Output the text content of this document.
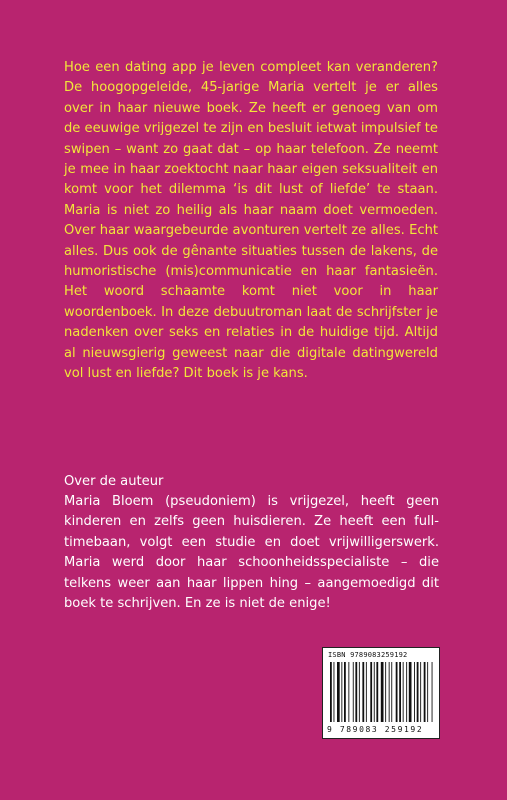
Hoe een dating app je leven compleet kan veranderen? De hoogopgeleide, 45-jarige Maria vertelt je er alles over in haar nieuwe boek. Ze heeft er genoeg van om de eeuwige vrijgezel te zijn en besluit ietwat impulsief te swipen – want zo gaat dat – op haar telefoon. Ze neemt je mee in haar zoektocht naar haar eigen seksualiteit en komt voor het dilemma ‘is dit lust of liefde’ te staan. Maria is niet zo heilig als haar naam doet vermoeden. Over haar waargebeurde avonturen vertelt ze alles. Echt alles. Dus ook de gênante situaties tussen de lakens, de humoristische (mis)communicatie en haar fantasieën. Het woord schaamte komt niet voor in haar woordenboek. In deze debuutroman laat de schrijfster je nadenken over seks en relaties in de huidige tijd. Altijd al nieuwsgierig geweest naar die digitale datingwereld vol lust en liefde? Dit boek is je kans.

Over de auteur

Maria Bloem (pseudoniem) is vrijgezel, heeft geen kinderen en zelfs geen huisdieren. Ze heeft een full-timebaan, volgt een studie en doet vrijwilligerswerk. Maria werd door haar schoonheidsspecialiste – die telkens weer aan haar lippen hing – aangemoedigd dit boek te schrijven. En ze is niet de enige!

ISBN 9789083259192
9 789083 259192
